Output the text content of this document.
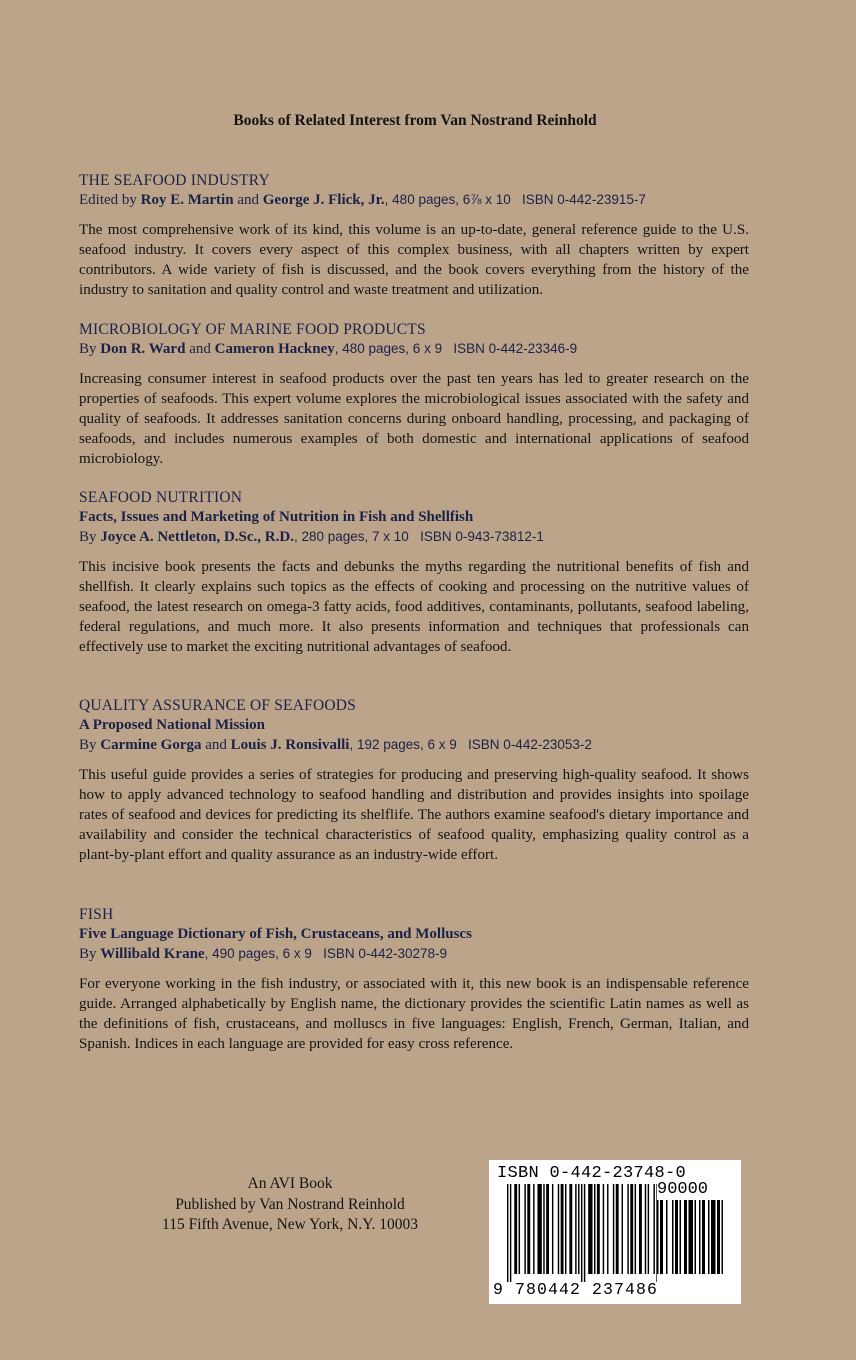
Books of Related Interest from Van Nostrand Reinhold
THE SEAFOOD INDUSTRY
Edited by Roy E. Martin and George J. Flick, Jr., 480 pages, 6⅞ x 10 ISBN 0-442-23915-7
The most comprehensive work of its kind, this volume is an up-to-date, general reference guide to the U.S. seafood industry. It covers every aspect of this complex business, with all chapters written by expert contributors. A wide variety of fish is discussed, and the book covers everything from the history of the industry to sanitation and quality control and waste treatment and utilization.
MICROBIOLOGY OF MARINE FOOD PRODUCTS
By Don R. Ward and Cameron Hackney, 480 pages, 6 x 9 ISBN 0-442-23346-9
Increasing consumer interest in seafood products over the past ten years has led to greater research on the properties of seafoods. This expert volume explores the microbiological issues associated with the safety and quality of seafoods. It addresses sanitation concerns during onboard handling, processing, and packaging of seafoods, and includes numerous examples of both domestic and international applications of seafood microbiology.
SEAFOOD NUTRITION
Facts, Issues and Marketing of Nutrition in Fish and Shellfish
By Joyce A. Nettleton, D.Sc., R.D., 280 pages, 7 x 10 ISBN 0-943-73812-1
This incisive book presents the facts and debunks the myths regarding the nutritional benefits of fish and shellfish. It clearly explains such topics as the effects of cooking and processing on the nutritive values of seafood, the latest research on omega-3 fatty acids, food additives, contaminants, pollutants, seafood labeling, federal regulations, and much more. It also presents information and techniques that professionals can effectively use to market the exciting nutritional advantages of seafood.
QUALITY ASSURANCE OF SEAFOODS
A Proposed National Mission
By Carmine Gorga and Louis J. Ronsivalli, 192 pages, 6 x 9 ISBN 0-442-23053-2
This useful guide provides a series of strategies for producing and preserving high-quality seafood. It shows how to apply advanced technology to seafood handling and distribution and provides insights into spoilage rates of seafood and devices for predicting its shelflife. The authors examine seafood's dietary importance and availability and consider the technical characteristics of seafood quality, emphasizing quality control as a plant-by-plant effort and quality assurance as an industry-wide effort.
FISH
Five Language Dictionary of Fish, Crustaceans, and Molluscs
By Willibald Krane, 490 pages, 6 x 9 ISBN 0-442-30278-9
For everyone working in the fish industry, or associated with it, this new book is an indispensable reference guide. Arranged alphabetically by English name, the dictionary provides the scientific Latin names as well as the definitions of fish, crustaceans, and molluscs in five languages: English, French, German, Italian, and Spanish. Indices in each language are provided for easy cross reference.
An AVI Book
Published by Van Nostrand Reinhold
115 Fifth Avenue, New York, N.Y. 10003
ISBN 0-442-23748-0
90000
9 780442 237486
